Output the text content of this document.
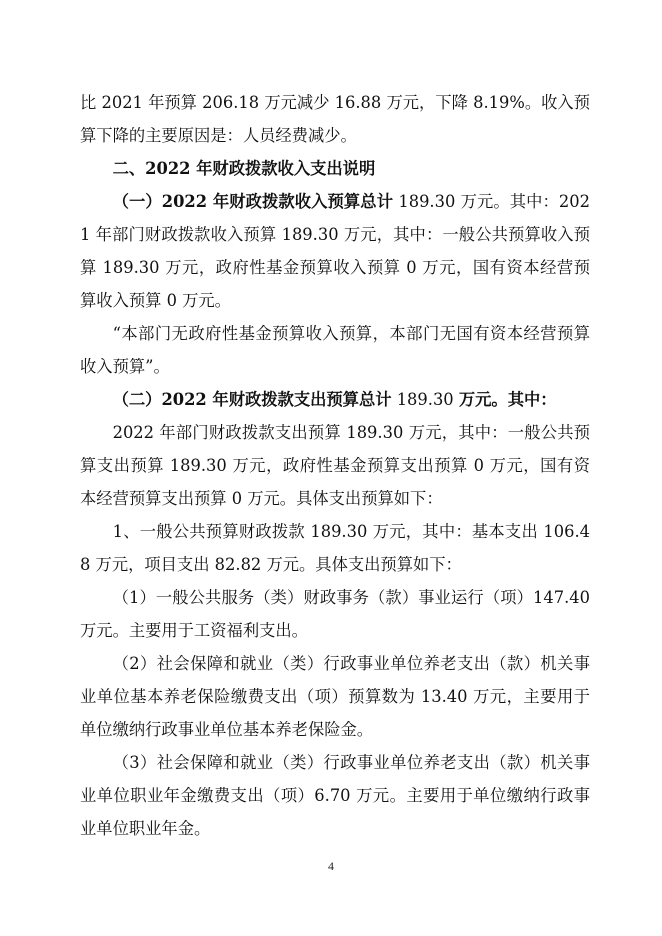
比 2021 年预算 206.18 万元减少 16.88 万元，下降 8.19%。收入预算下降的主要原因是：人员经费减少。

二、2022 年财政拨款收入支出说明

（一）2022 年财政拨款收入预算总计 189.30 万元。其中：2021 年部门财政拨款收入预算 189.30 万元，其中：一般公共预算收入预算 189.30 万元，政府性基金预算收入预算 0 万元，国有资本经营预算收入预算 0 万元。

“本部门无政府性基金预算收入预算，本部门无国有资本经营预算收入预算”。

（二）2022 年财政拨款支出预算总计 189.30 万元。其中：

2022 年部门财政拨款支出预算 189.30 万元，其中：一般公共预算支出预算 189.30 万元，政府性基金预算支出预算 0 万元，国有资本经营预算支出预算 0 万元。具体支出预算如下：

1、一般公共预算财政拨款 189.30 万元，其中：基本支出 106.48 万元，项目支出 82.82 万元。具体支出预算如下：

（1）一般公共服务（类）财政事务（款）事业运行（项）147.40 万元。主要用于工资福利支出。

（2）社会保障和就业（类）行政事业单位养老支出（款）机关事业单位基本养老保险缴费支出（项）预算数为 13.40 万元，主要用于单位缴纳行政事业单位基本养老保险金。

（3）社会保障和就业（类）行政事业单位养老支出（款）机关事业单位职业年金缴费支出（项）6.70 万元。主要用于单位缴纳行政事业单位职业年金。

4
